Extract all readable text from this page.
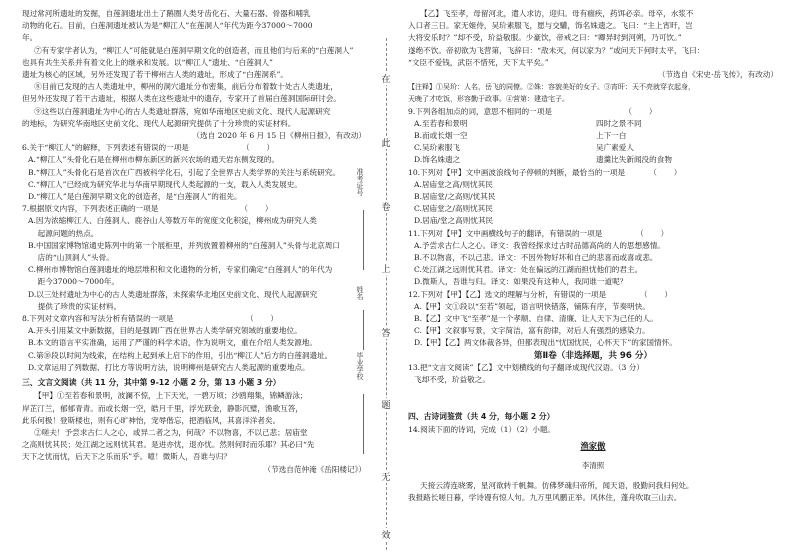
现过常河所遗址的发掘，自莲洞遗址出土了鹅圈人类牙齿化石、大量石器、骨器和哺乳

动物的化石。目前，白莲洞遗址被认为是“柳江人”在莲洞人“年代为距今37000～7000

年。

⑦有专家学者认为，“柳江人”可能就是白莲洞早期文化的创造者，而且他们与后来的“白莲洞人”

也具有共生关系并有着文化上的继承和发展。以“柳江人”遗址、“白莲洞人”

遗址为核心的区域，另外还发现了若干柳州古人类的遗址，形成了“白莲洞系”。

⑧目前已发现的古人类遗址中，柳州的洞穴遗址分布密集，前后分布着数十处古人类遗址，

但另外还发现了若干古遗址，根据人类在这些遗址中的遗存，专家开了首届白莲洞国际研讨会。

⑨这些以白莲洞遗址为中心的古人类遗址群落，宛如华南地区史前文化、现代人起源研究

的地标，为研究华南地区史前文化、现代人起源研究提供了十分珍贵的实证材料。

（选自 2020 年 6 月 15 日《柳州日报》，有改动）

6.关于“柳江人”的解释，下列表述有错误的一项是                      （       ）

A.“柳江人”头骨化石是在柳州市柳东新区的新兴农场的通天岩东侧发现的。

B.“柳江人”头骨化石是首次在广西被科学化石，引起了全世界古人类学界的关注与系统研究。

C.“柳江人”已经成为研究华北与华南早期现代人类起源的一支，载入人类发展史。

D.“柳江人”是白莲洞早期文化的创造者，是“白莲洞人”的祖先。

7.根据原文内容，下列表述正确的一项是                                  （       ）

A.因为浓缩柳江人、白莲洞人、鹿谷山人等数万年的宽度文化积淀，柳州成为研究人类

起源问题的热点。

B.中国国家博物馆通史陈列中的第一个展柜里，并列放置着柳州的“白莲洞人”头骨与北京周口

店的“山顶洞人”头骨。

C.柳州市博物馆白莲洞遗址的地层堆积和文化遗物的分析，专家们确定“白莲洞人”的年代为

距今37000～7000年。

D.以三处村遗址为中心的古人类遗址群落，未探索华北地区史前文化、现代人起源研究

提供了珍贵的实证材料。

8.下列对文章内容和写法分析有错误的一项是                              （       ）

A.开头引用某文中新数据，目的是强调广西在世界古人类学研究领域的重要地位。

B.本文的语言平实准确，运用了严谨的科学术语，作为说明文，重在介绍人类发源地。

C.第⑩段以时间为线索，在结构上起到承上启下的作用，引出“柳江人”后方的白莲洞遗址。

D.文章运用了列数据、打比方等说明方法，说明柳州是研究古人类起源的重要地点。

三、文言文阅读（共 11 分，其中第 9-12 小题 2 分，第 13 小题 3 分）

【甲】①至若春和景明，波澜不惊，上下天光，一碧万顷；沙鸥翔集，锦鳞游泳；

岸芷汀兰，郁郁青青。而或长烟一空，皓月千里，浮光跃金，静影沉璧，渔歌互答，

此乐何极！登斯楼也，则有心旷神怡，宠辱偕忘，把酒临风，其喜洋洋者矣。

②嗟夫！予尝求古仁人之心，或异二者之为，何哉？不以物喜，不以己悲；居庙堂

之高则忧其民；处江湖之远则忧其君。是进亦忧，退亦忧。然则何时而乐耶？其必曰“先

天下之忧而忧，后天下之乐而乐”乎。噫！微斯人，吾谁与归？

（节选自范仲淹《岳阳楼记》）

在
此
卷
上
答
题
无
效
准考证号
姓名
毕业学校

【乙】飞至孝，母留河北，遣人求访，迎归。母有痼疾，药饵必亲。母卒，水浆不

入口者三日。家无姬侍，吴玠素服飞，愿与交驩，饰名姝遗之。飞曰：“主上宵旰，岂

大将安乐时？”却不受，玠益敬服。少豪饮，帝戒之曰：“卿异时到河朔，乃可饮。”

遂绝不饮。帝初欲为飞营第，飞辞曰：“敌未灭，何以家为？”或问天下何时太平，飞曰：

“文臣不爱钱，武臣不惜死，天下太平矣。”

（节选自《宋史·岳飞传》，有改动）

【注释】①吴玠：人名，岳飞的同僚。②姝：容貌美好的女子。③宵旰：天不亮就穿衣起身，

天晚了才吃饭，形容勤于政事。④营第：建造宅子。

9.下列各组加点的词，意思不相同的一项是                              （       ）

A.至若春和景明	四时之景不同
B.而或长烟一空	上下一白
C.吴玠素服飞	吴广素爱人
D.饰名姝遗之	遗羹比失新闻没的食物

10.下列对【甲】文中画波浪线句子停顿的判断，最恰当的一项是          （       ）

A.居庙堂之高/则忧其民

B.居庙堂/之高则/忧其民

C.居庙堂之/高则忧其民

D.居庙/堂之高则忧其民

11.下列对【甲】文中画横线句子的翻译，有错误的一项是              （       ）

A.予尝求古仁人之心。译文：我曾经探求过古时品德高尚的人的思想感情。

B.不以物喜，不以己悲。译文：不因外物好坏和自己的悲喜而或喜或悲。

C.处江湖之远则忧其君。译文：处在偏远的江湖而担忧他们的君主。

D.微斯人，吾谁与归。译文：如果没有这种人，我同谁一道呢？

12.下列对【甲】【乙】选文的理解与分析，有错误的一项是              （       ）

A.【甲】文①段以“至若”领起，语言明快错落，铺陈有序，节奏明快。

B.【乙】文中飞“至孝”是一个孝顺、自律、清廉、让人天下为己任的人。

C.【甲】文叙事写景，文字简洁，富有韵律，对后人有强烈的感染力。

D.【甲】【乙】两文体裁各异，但都表现出“忧国忧民，心怀天下”的家国情怀。

第Ⅱ卷（非选择题，共 96 分）

13.把“文言文阅读”【乙】文中划横线的句子翻译成现代汉语。（3 分）

飞却不受，玠益敬之。

四、古诗词鉴赏（共 4 分，每小题 2 分）

14.阅读下面的诗词，完成（1）（2）小题。

渔家傲

李清照

天接云涛连晓雾，星河欲转千帆舞。仿佛梦魂归帝所，闻天语，殷勤问我归何处。

我报路长嗟日暮，学诗谩有惊人句。九万里风鹏正举。风休住，蓬舟吹取三山去。
